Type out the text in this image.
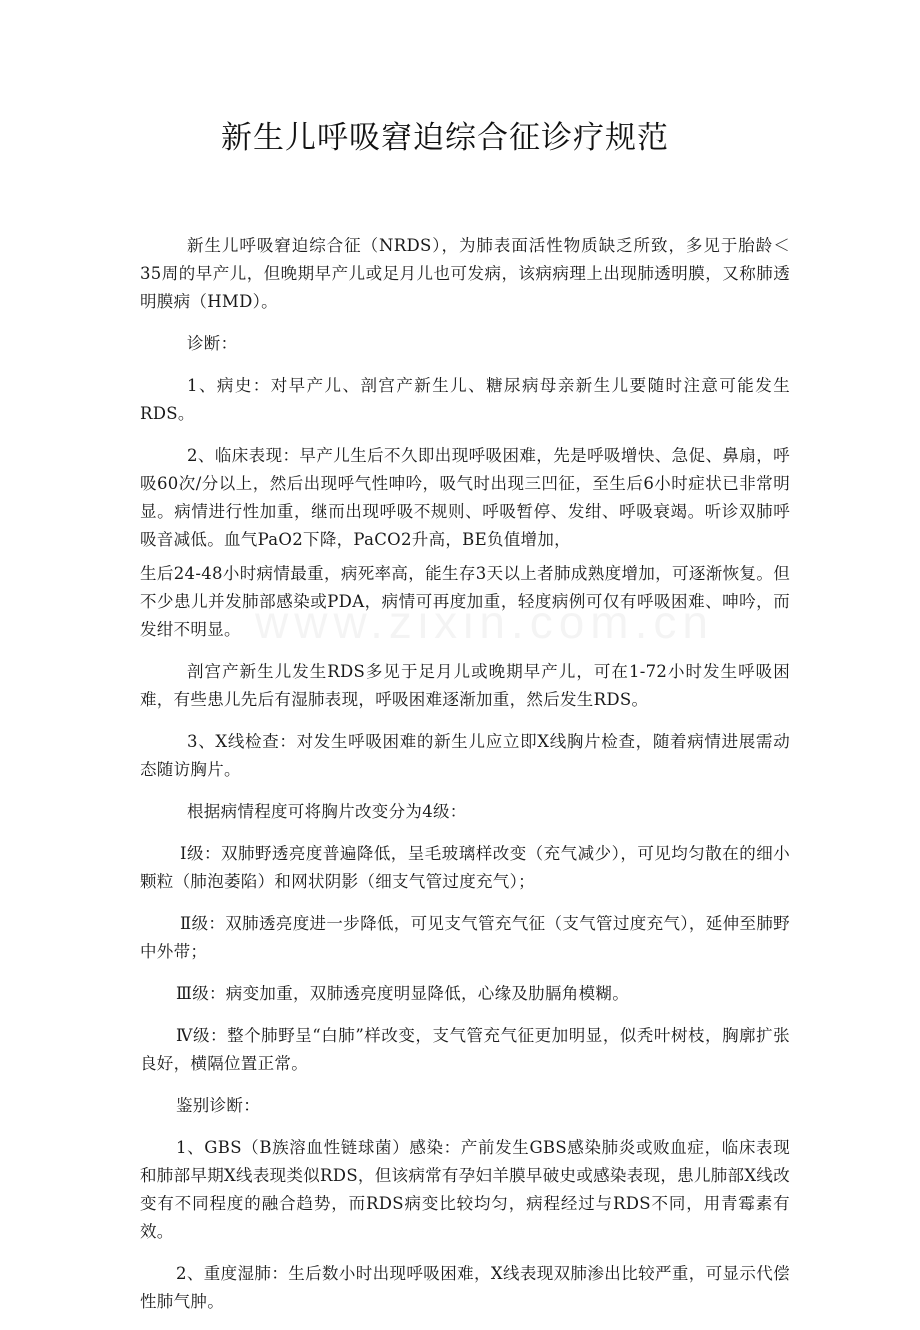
新生儿呼吸窘迫综合征诊疗规范

新生儿呼吸窘迫综合征（NRDS），为肺表面活性物质缺乏所致，多见于胎龄＜35周的早产儿，但晚期早产儿或足月儿也可发病，该病病理上出现肺透明膜，又称肺透明膜病（HMD）。

诊断：

1、病史：对早产儿、剖宫产新生儿、糖尿病母亲新生儿要随时注意可能发生RDS。

2、临床表现：早产儿生后不久即出现呼吸困难，先是呼吸增快、急促、鼻扇，呼吸60次/分以上，然后出现呼气性呻吟，吸气时出现三凹征，至生后6小时症状已非常明显。病情进行性加重，继而出现呼吸不规则、呼吸暂停、发绀、呼吸衰竭。听诊双肺呼吸音减低。血气PaO2下降，PaCO2升高，BE负值增加，

生后24-48小时病情最重，病死率高，能生存3天以上者肺成熟度增加，可逐渐恢复。但不少患儿并发肺部感染或PDA，病情可再度加重，轻度病例可仅有呼吸困难、呻吟，而发绀不明显。

剖宫产新生儿发生RDS多见于足月儿或晚期早产儿，可在1-72小时发生呼吸困难，有些患儿先后有湿肺表现，呼吸困难逐渐加重，然后发生RDS。

3、X线检查：对发生呼吸困难的新生儿应立即X线胸片检查，随着病情进展需动态随访胸片。

根据病情程度可将胸片改变分为4级：

Ⅰ级：双肺野透亮度普遍降低，呈毛玻璃样改变（充气减少），可见均匀散在的细小颗粒（肺泡萎陷）和网状阴影（细支气管过度充气）；

Ⅱ级：双肺透亮度进一步降低，可见支气管充气征（支气管过度充气），延伸至肺野中外带；

Ⅲ级：病变加重，双肺透亮度明显降低，心缘及肋膈角模糊。

Ⅳ级：整个肺野呈“白肺”样改变，支气管充气征更加明显，似秃叶树枝，胸廓扩张良好，横隔位置正常。

鉴别诊断：

1、GBS（B族溶血性链球菌）感染：产前发生GBS感染肺炎或败血症，临床表现和肺部早期X线表现类似RDS，但该病常有孕妇羊膜早破史或感染表现，患儿肺部X线改变有不同程度的融合趋势，而RDS病变比较均匀，病程经过与RDS不同，用青霉素有效。

2、重度湿肺：生后数小时出现呼吸困难，X线表现双肺渗出比较严重，可显示代偿性肺气肿。
